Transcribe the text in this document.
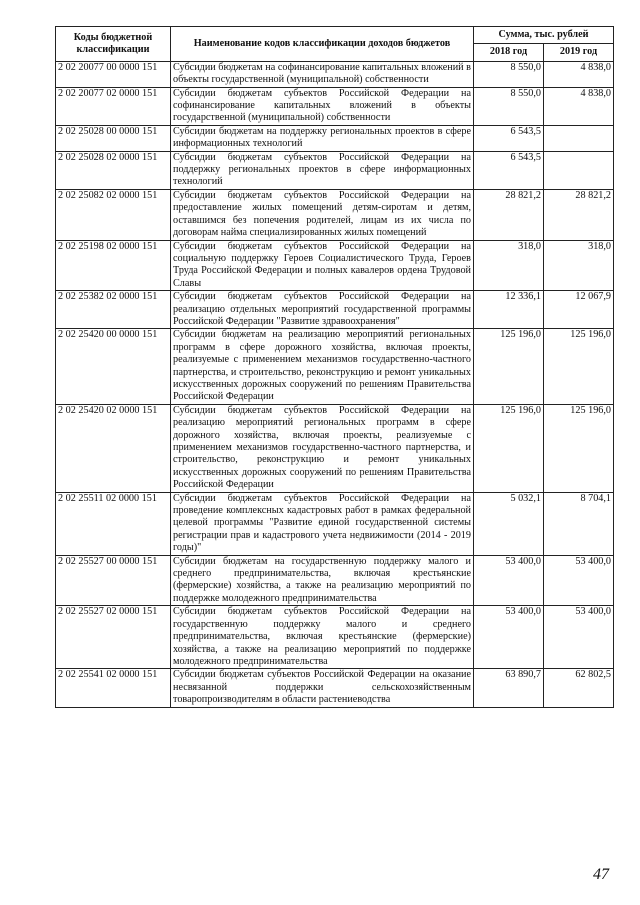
Коды бюджетной классификации	Наименование кодов классификации доходов бюджетов	Сумма, тыс. рублей	
		2018 год	2019 год
2 02 20077 00 0000 151	Субсидии бюджетам на софинансирование капитальных вложений в объекты государственной (муниципальной) собственности	8 550,0	4 838,0
2 02 20077 02 0000 151	Субсидии бюджетам субъектов Российской Федерации на софинансирование капитальных вложений в объекты государственной (муниципальной) собственности	8 550,0	4 838,0
2 02 25028 00 0000 151	Субсидии бюджетам на поддержку региональных проектов в сфере информационных технологий	6 543,5	
2 02 25028 02 0000 151	Субсидии бюджетам субъектов Российской Федерации на поддержку региональных проектов в сфере информационных технологий	6 543,5	
2 02 25082 02 0000 151	Субсидии бюджетам субъектов Российской Федерации на предоставление жилых помещений детям-сиротам и детям, оставшимся без попечения родителей, лицам из их числа по договорам найма специализированных жилых помещений	28 821,2	28 821,2
2 02 25198 02 0000 151	Субсидии бюджетам субъектов Российской Федерации на социальную поддержку Героев Социалистического Труда, Героев Труда Российской Федерации и полных кавалеров ордена Трудовой Славы	318,0	318,0
2 02 25382 02 0000 151	Субсидии бюджетам субъектов Российской Федерации на реализацию отдельных мероприятий государственной программы Российской Федерации "Развитие здравоохранения"	12 336,1	12 067,9
2 02 25420 00 0000 151	Субсидии бюджетам на реализацию мероприятий региональных программ в сфере дорожного хозяйства, включая проекты, реализуемые с применением механизмов государственно-частного партнерства, и строительство, реконструкцию и ремонт уникальных искусственных дорожных сооружений по решениям Правительства Российской Федерации	125 196,0	125 196,0
2 02 25420 02 0000 151	Субсидии бюджетам субъектов Российской Федерации на реализацию мероприятий региональных программ в сфере дорожного хозяйства, включая проекты, реализуемые с применением механизмов государственно-частного партнерства, и строительство, реконструкцию и ремонт уникальных искусственных дорожных сооружений по решениям Правительства Российской Федерации	125 196,0	125 196,0
2 02 25511 02 0000 151	Субсидии бюджетам субъектов Российской Федерации на проведение комплексных кадастровых работ в рамках федеральной целевой программы "Развитие единой государственной системы регистрации прав и кадастрового учета недвижимости (2014 - 2019 годы)"	5 032,1	8 704,1
2 02 25527 00 0000 151	Субсидии бюджетам на государственную поддержку малого и среднего предпринимательства, включая крестьянские (фермерские) хозяйства, а также на реализацию мероприятий по поддержке молодежного предпринимательства	53 400,0	53 400,0
2 02 25527 02 0000 151	Субсидии бюджетам субъектов Российской Федерации на государственную поддержку малого и среднего предпринимательства, включая крестьянские (фермерские) хозяйства, а также на реализацию мероприятий по поддержке молодежного предпринимательства	53 400,0	53 400,0
2 02 25541 02 0000 151	Субсидии бюджетам субъектов Российской Федерации на оказание несвязанной поддержки сельскохозяйственным товаропроизводителям в области растениеводства	63 890,7	62 802,5
47
